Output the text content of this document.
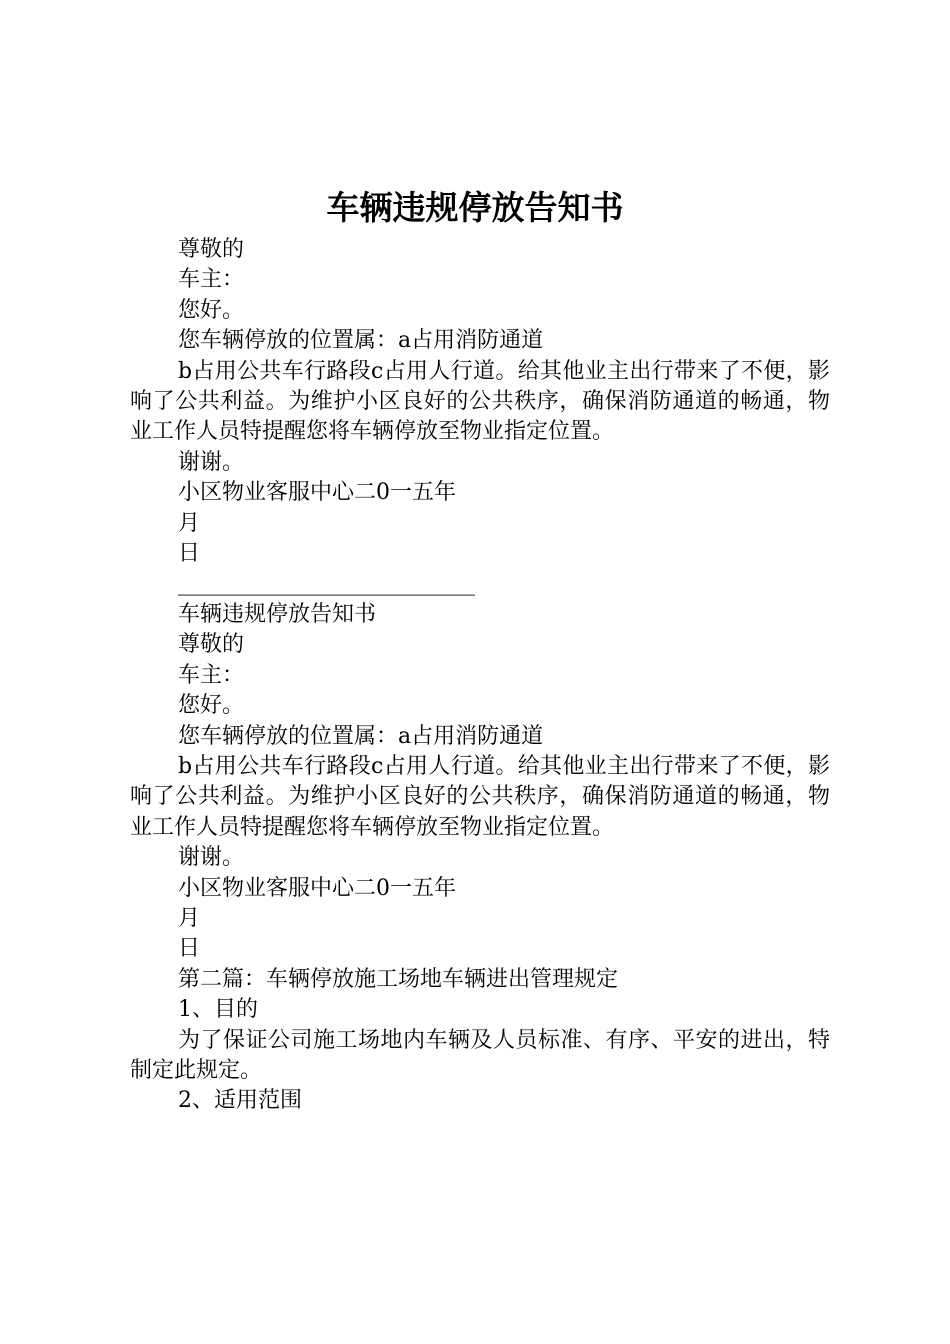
车辆违规停放告知书

尊敬的

车主：

您好。

您车辆停放的位置属：a占用消防通道

b占用公共车行路段c占用人行道。给其他业主出行带来了不便，影响了公共利益。为维护小区良好的公共秩序，确保消防通道的畅通，物业工作人员特提醒您将车辆停放至物业指定位置。

谢谢。

小区物业客服中心二0一五年

月

日

___________________________

车辆违规停放告知书

尊敬的

车主：

您好。

您车辆停放的位置属：a占用消防通道

b占用公共车行路段c占用人行道。给其他业主出行带来了不便，影响了公共利益。为维护小区良好的公共秩序，确保消防通道的畅通，物业工作人员特提醒您将车辆停放至物业指定位置。

谢谢。

小区物业客服中心二0一五年

月

日

第二篇：车辆停放施工场地车辆进出管理规定

1、目的

为了保证公司施工场地内车辆及人员标准、有序、平安的进出，特制定此规定。

2、适用范围
